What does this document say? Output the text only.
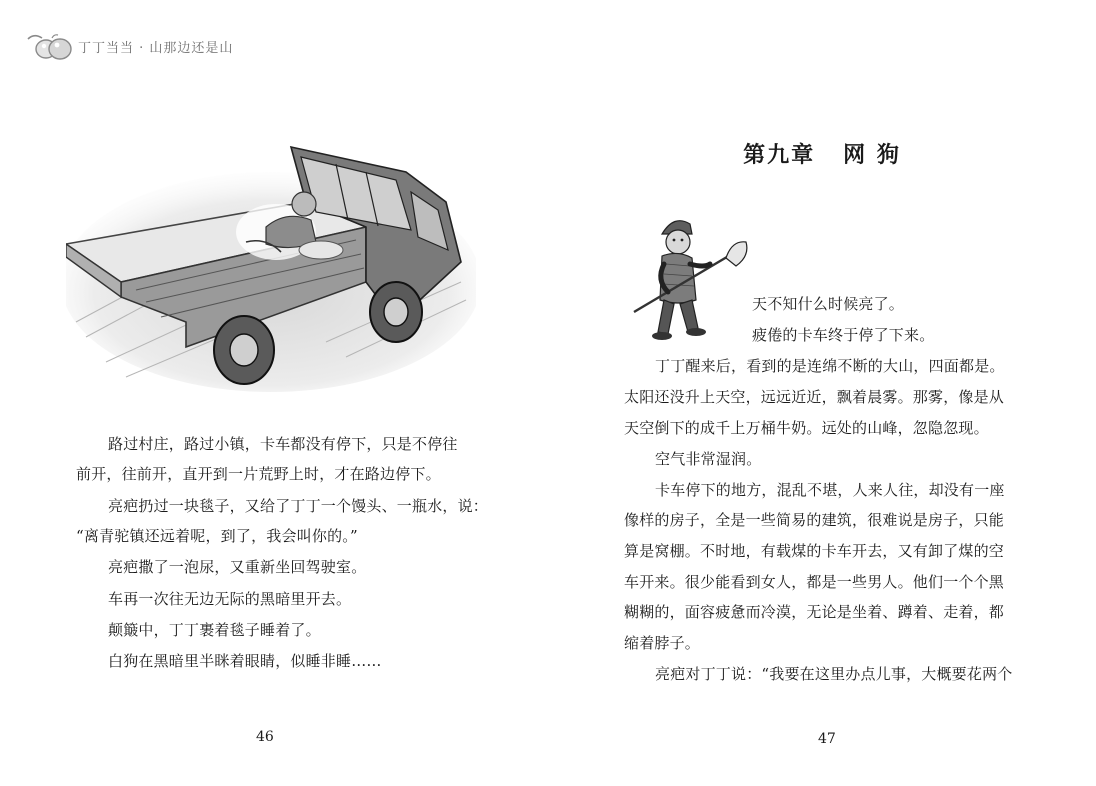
丁丁当当 · 山那边还是山
路过村庄，路过小镇，卡车都没有停下，只是不停往
前开，往前开，直开到一片荒野上时，才在路边停下。
亮疤扔过一块毯子，又给了丁丁一个馒头、一瓶水，说：
“离青驼镇还远着呢，到了，我会叫你的。”
亮疤撒了一泡尿，又重新坐回驾驶室。
车再一次往无边无际的黑暗里开去。
颠簸中，丁丁裹着毯子睡着了。
白狗在黑暗里半眯着眼睛，似睡非睡……
46
第九章 网 狗
天不知什么时候亮了。
疲倦的卡车终于停了下来。
丁丁醒来后，看到的是连绵不断的大山，四面都是。
太阳还没升上天空，远远近近，飘着晨雾。那雾，像是从
天空倒下的成千上万桶牛奶。远处的山峰，忽隐忽现。
空气非常湿润。
卡车停下的地方，混乱不堪，人来人往，却没有一座
像样的房子，全是一些简易的建筑，很难说是房子，只能
算是窝棚。不时地，有载煤的卡车开去，又有卸了煤的空
车开来。很少能看到女人，都是一些男人。他们一个个黑
糊糊的，面容疲惫而冷漠，无论是坐着、蹲着、走着，都
缩着脖子。
亮疤对丁丁说：“我要在这里办点儿事，大概要花两个
47
